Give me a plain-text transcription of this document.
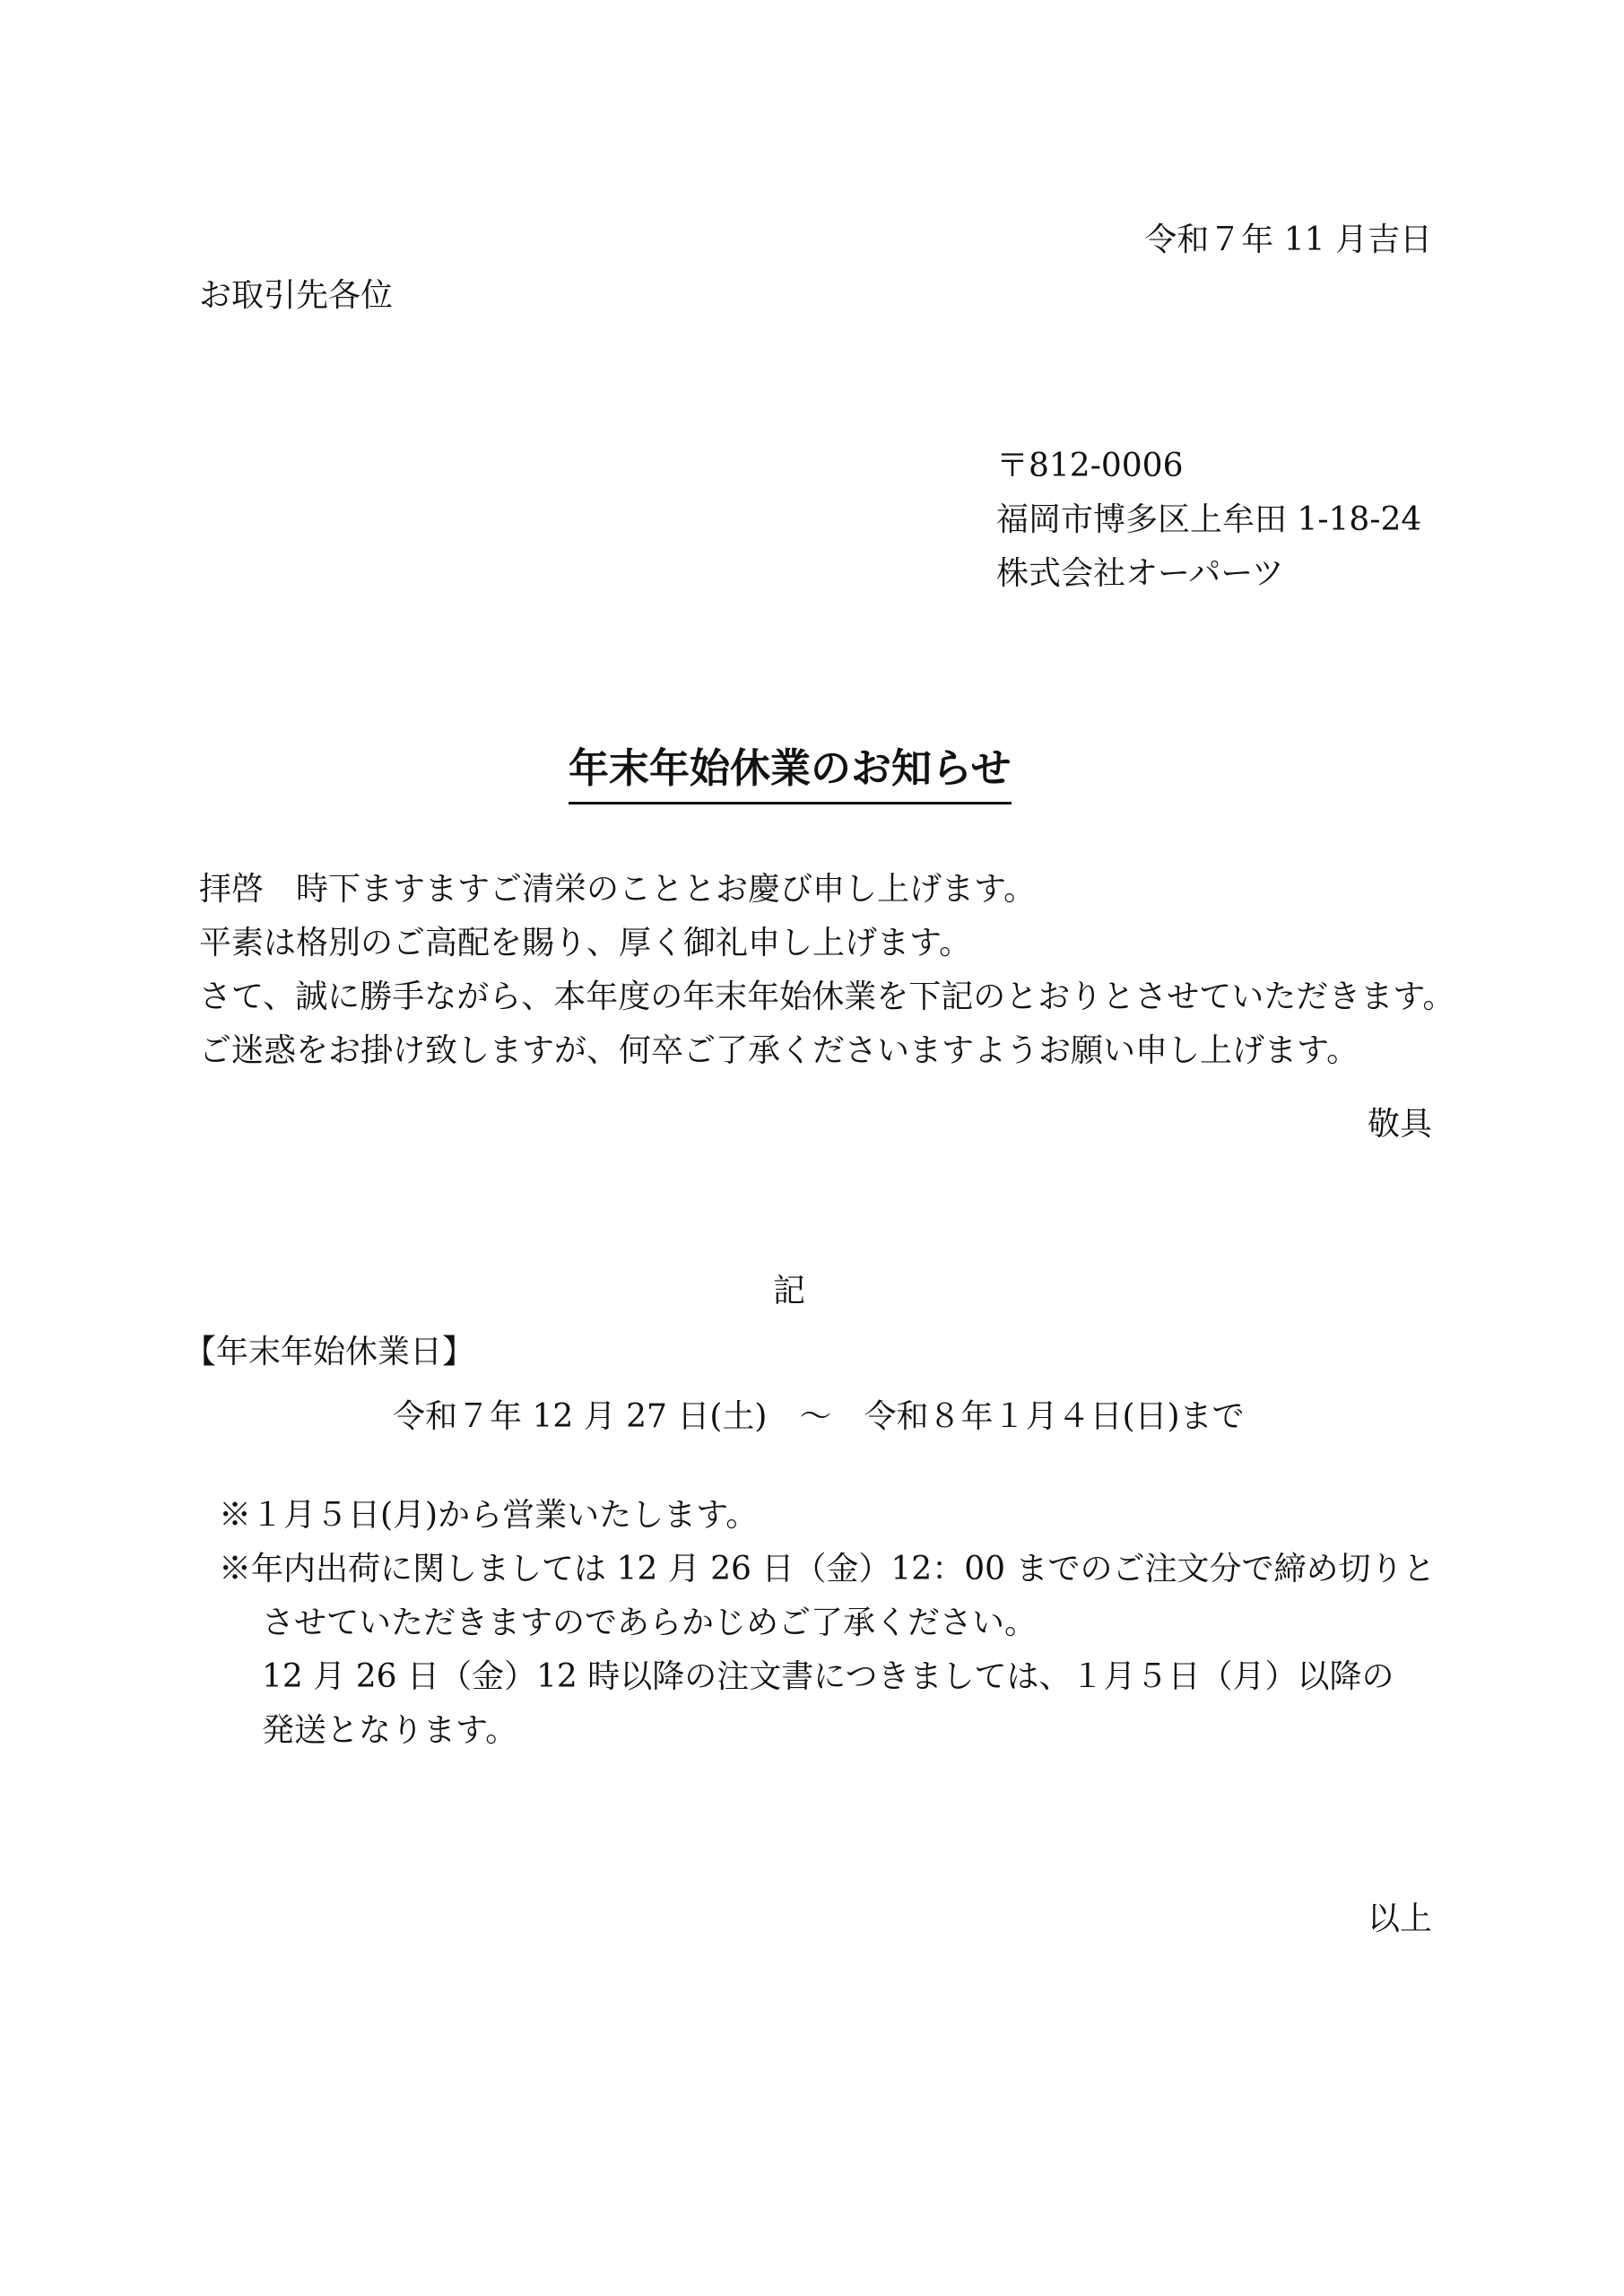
令和７年 11 月吉日

お取引先各位

〒812-0006
福岡市博多区上牟田 1-18-24
株式会社オーパーツ
年末年始休業のお知らせ
拝啓　時下ますますご清栄のこととお慶び申し上げます。
平素は格別のご高配を賜り、厚く御礼申し上げます。
さて、誠に勝手ながら、本年度の年末年始休業を下記のとおりとさせていただきます。
ご迷惑をお掛け致しますが、何卒ご了承くださいますようお願い申し上げます。

敬具

記

【年末年始休業日】

令和７年 12 月 27 日(土)　～　令和８年１月４日(日)まで

※１月５日(月)から営業いたします。
※年内出荷に関しましては 12 月 26 日（金）12：00 までのご注文分で締め切りと
させていただきますのであらかじめご了承ください。
12 月 26 日（金）12 時以降の注文書につきましては、１月５日（月）以降の
発送となります。

以上
